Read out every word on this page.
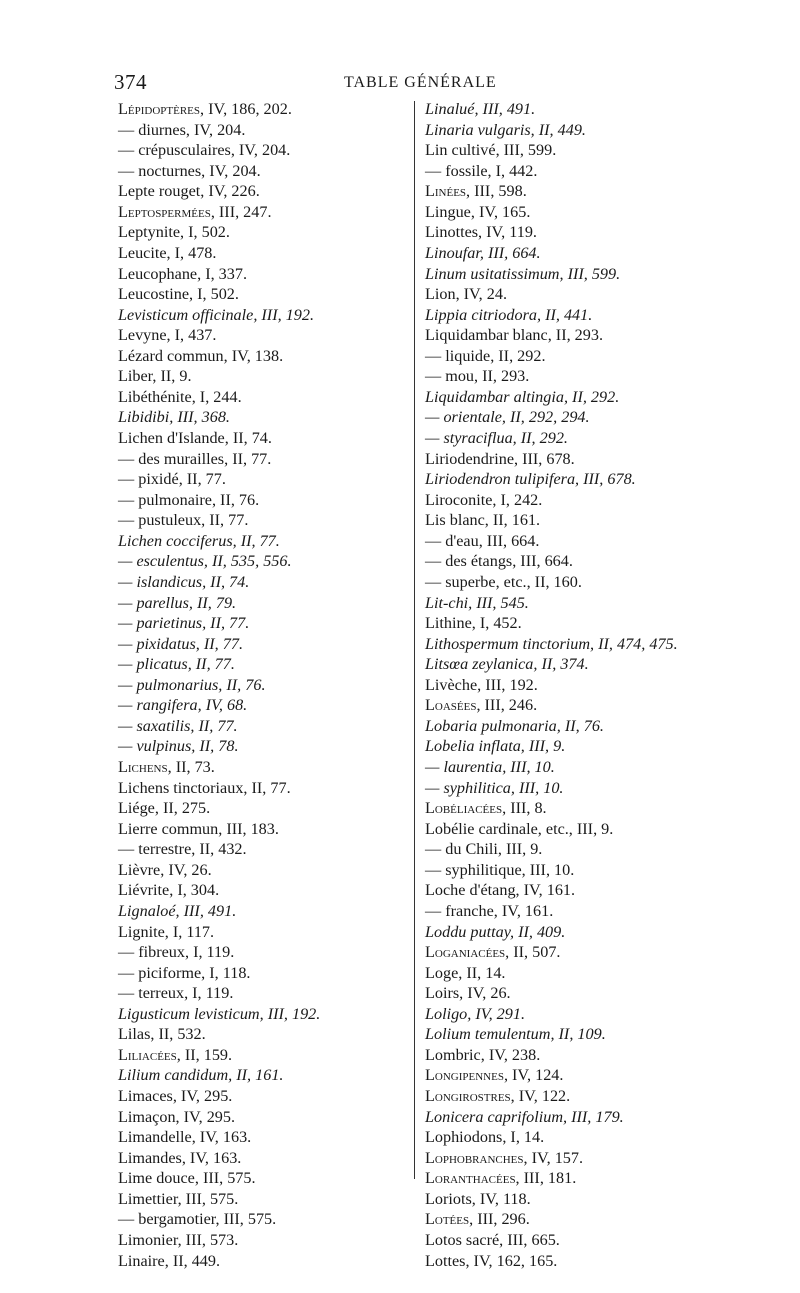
374	TABLE GÉNÉRALE
Lépidoptères, IV, 186, 202.
— diurnes, IV, 204.
— crépusculaires, IV, 204.
— nocturnes, IV, 204.
Lepte rouget, IV, 226.
Leptospermées, III, 247.
Leptynite, I, 502.
Leucite, I, 478.
Leucophane, I, 337.
Leucostine, I, 502.
Levisticum officinale, III, 192.
Levyne, I, 437.
Lézard commun, IV, 138.
Liber, II, 9.
Libéthénite, I, 244.
Libidibi, III, 368.
Lichen d'Islande, II, 74.
— des murailles, II, 77.
— pixidé, II, 77.
— pulmonaire, II, 76.
— pustuleux, II, 77.
Lichen cocciferus, II, 77.
— esculentus, II, 535, 556.
— islandicus, II, 74.
— parellus, II, 79.
— parietinus, II, 77.
— pixidatus, II, 77.
— plicatus, II, 77.
— pulmonarius, II, 76.
— rangifera, IV, 68.
— saxatilis, II, 77.
— vulpinus, II, 78.
Lichens, II, 73.
Lichens tinctoriaux, II, 77.
Liége, II, 275.
Lierre commun, III, 183.
— terrestre, II, 432.
Lièvre, IV, 26.
Liévrite, I, 304.
Lignaloé, III, 491.
Lignite, I, 117.
— fibreux, I, 119.
— piciforme, I, 118.
— terreux, I, 119.
Ligusticum levisticum, III, 192.
Lilas, II, 532.
Liliacées, II, 159.
Lilium candidum, II, 161.
Limaces, IV, 295.
Limaçon, IV, 295.
Limandelle, IV, 163.
Limandes, IV, 163.
Lime douce, III, 575.
Limettier, III, 575.
— bergamotier, III, 575.
Limonier, III, 573.
Linaire, II, 449.
Linalué, III, 491.
Linaria vulgaris, II, 449.
Lin cultivé, III, 599.
— fossile, I, 442.
Linées, III, 598.
Lingue, IV, 165.
Linottes, IV, 119.
Linoufar, III, 664.
Linum usitatissimum, III, 599.
Lion, IV, 24.
Lippia citriodora, II, 441.
Liquidambar blanc, II, 293.
— liquide, II, 292.
— mou, II, 293.
Liquidambar altingia, II, 292.
— orientale, II, 292, 294.
— styraciflua, II, 292.
Liriodendrine, III, 678.
Liriodendron tulipifera, III, 678.
Liroconite, I, 242.
Lis blanc, II, 161.
— d'eau, III, 664.
— des étangs, III, 664.
— superbe, etc., II, 160.
Lit-chi, III, 545.
Lithine, I, 452.
Lithospermum tinctorium, II, 474, 475.
Litsœa zeylanica, II, 374.
Livèche, III, 192.
Loasées, III, 246.
Lobaria pulmonaria, II, 76.
Lobelia inflata, III, 9.
— laurentia, III, 10.
— syphilitica, III, 10.
Lobéliacées, III, 8.
Lobélie cardinale, etc., III, 9.
— du Chili, III, 9.
— syphilitique, III, 10.
Loche d'étang, IV, 161.
— franche, IV, 161.
Loddu puttay, II, 409.
Loganiacées, II, 507.
Loge, II, 14.
Loirs, IV, 26.
Loligo, IV, 291.
Lolium temulentum, II, 109.
Lombric, IV, 238.
Longipennes, IV, 124.
Longirostres, IV, 122.
Lonicera caprifolium, III, 179.
Lophiodons, I, 14.
Lophobranches, IV, 157.
Loranthacées, III, 181.
Loriots, IV, 118.
Lotées, III, 296.
Lotos sacré, III, 665.
Lottes, IV, 162, 165.
